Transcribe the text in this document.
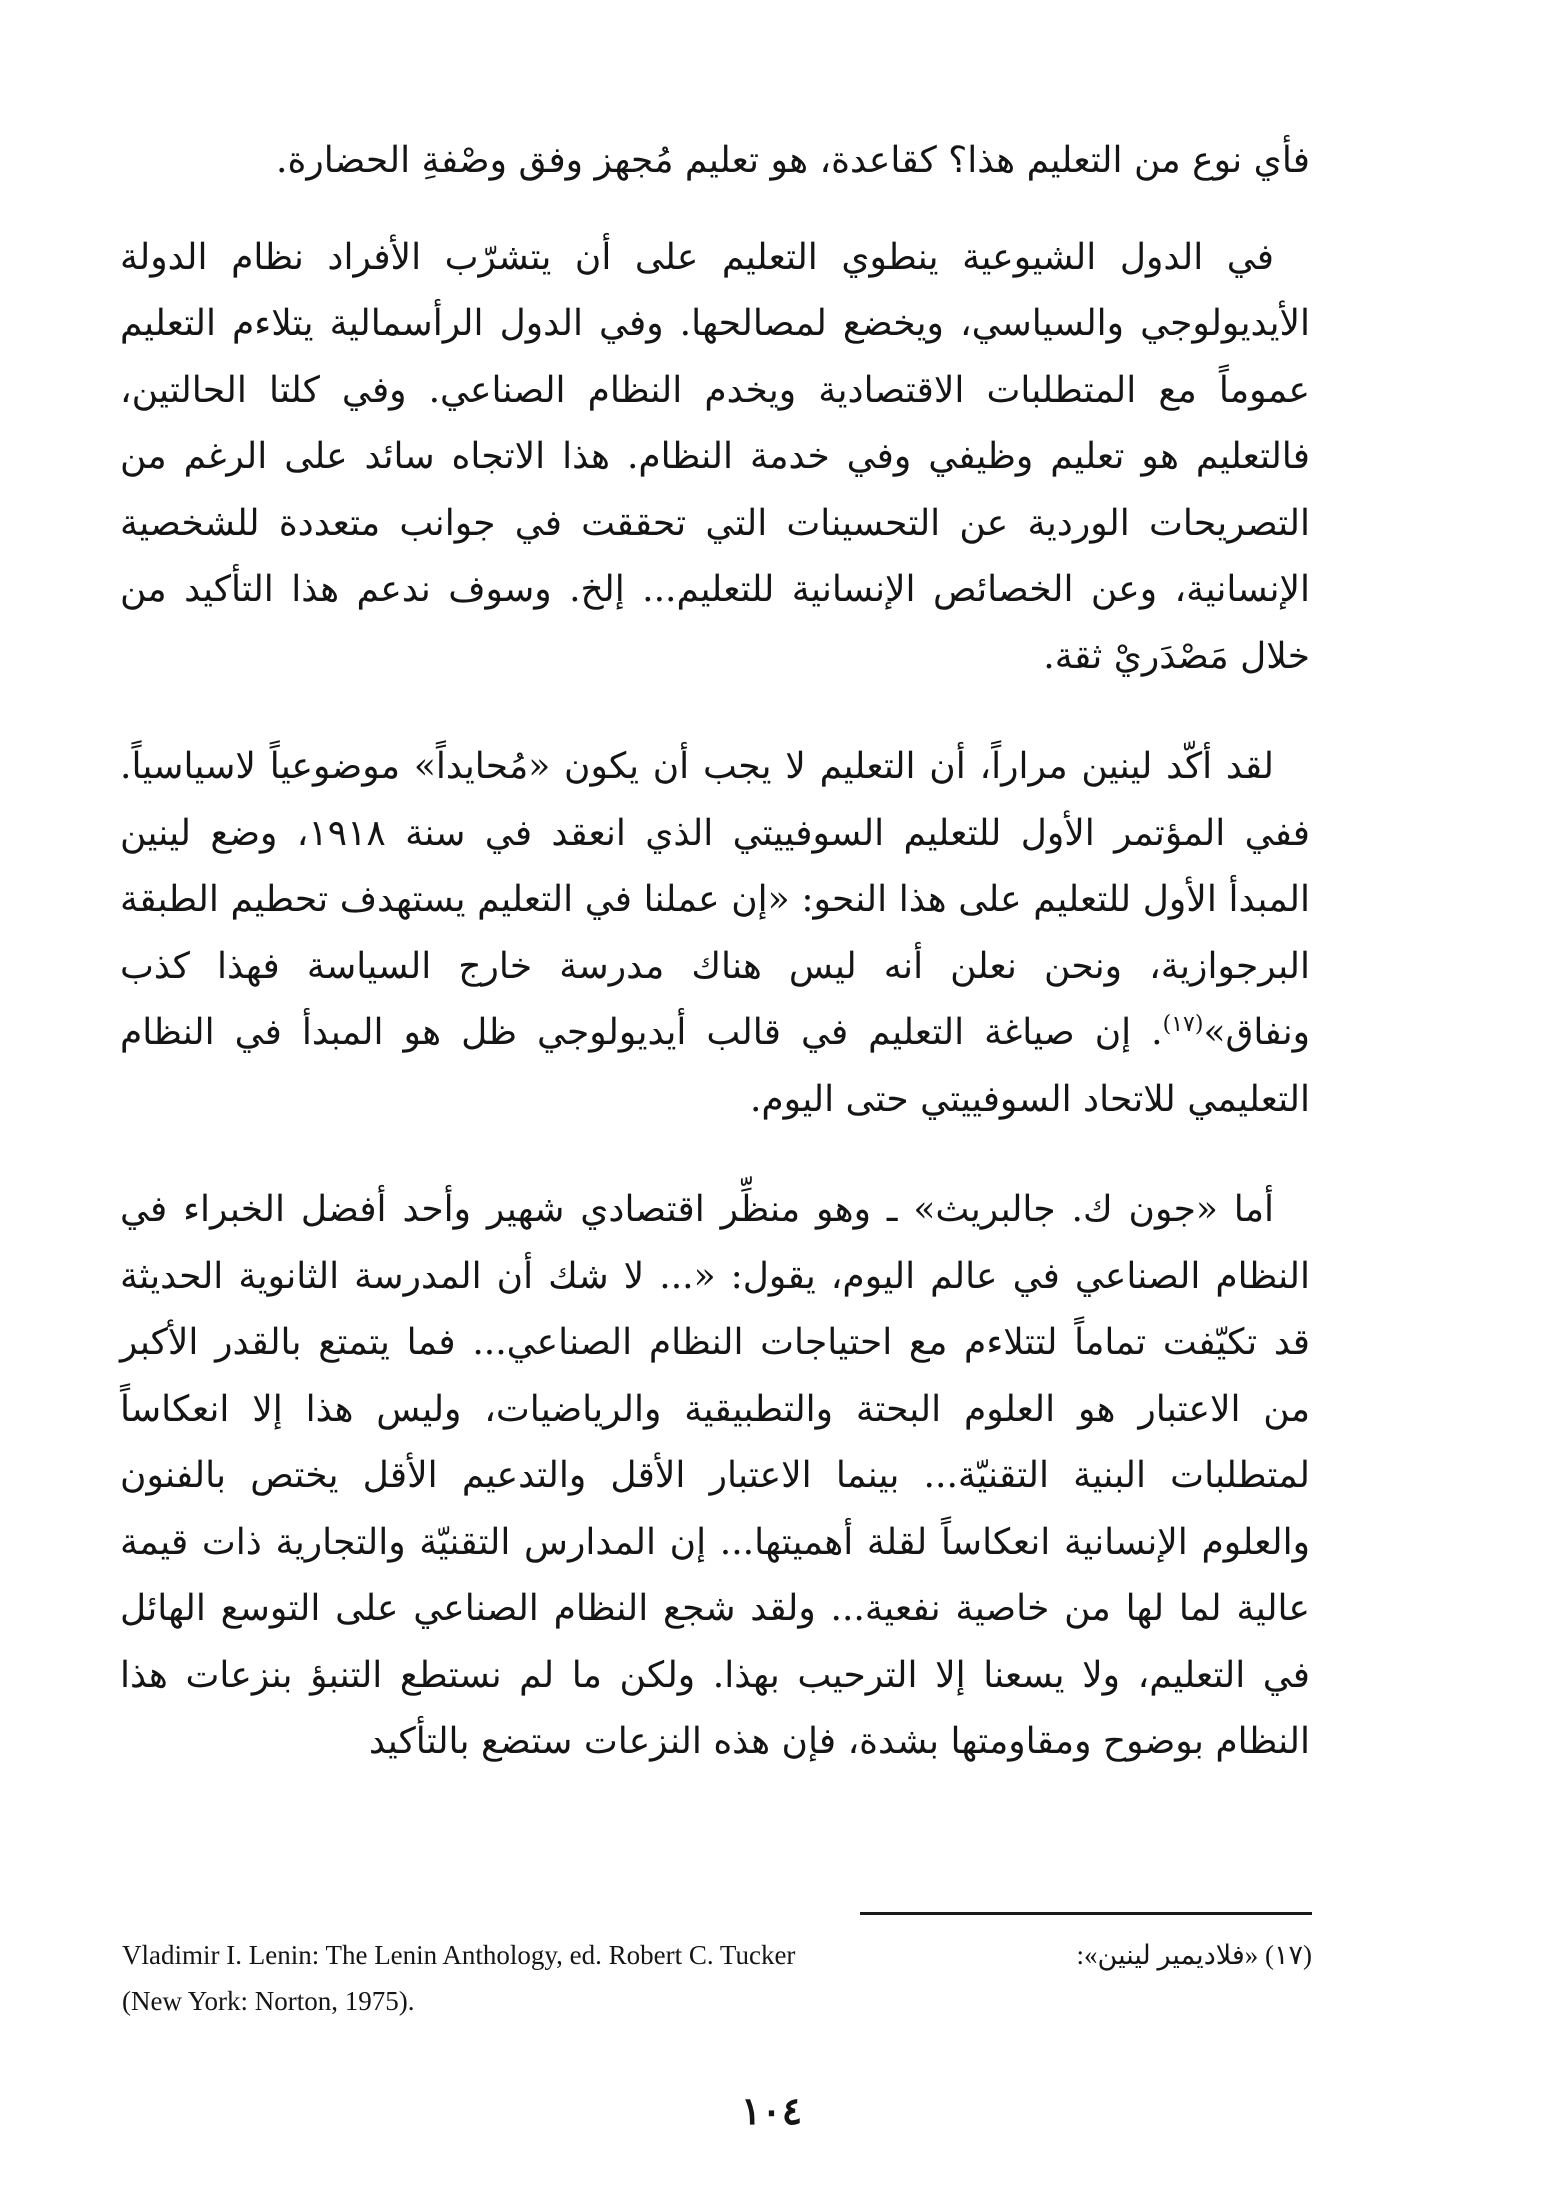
فأي نوع من التعليم هذا؟ كقاعدة، هو تعليم مُجهز وفق وصْفةِ الحضارة.

في الدول الشيوعية ينطوي التعليم على أن يتشرّب الأفراد نظام الدولة الأيديولوجي والسياسي، ويخضع لمصالحها. وفي الدول الرأسمالية يتلاءم التعليم عموماً مع المتطلبات الاقتصادية ويخدم النظام الصناعي. وفي كلتا الحالتين، فالتعليم هو تعليم وظيفي وفي خدمة النظام. هذا الاتجاه سائد على الرغم من التصريحات الوردية عن التحسينات التي تحققت في جوانب متعددة للشخصية الإنسانية، وعن الخصائص الإنسانية للتعليم... إلخ. وسوف ندعم هذا التأكيد من خلال مَصْدَريْ ثقة.

لقد أكّد لينين مراراً، أن التعليم لا يجب أن يكون «مُحايداً» موضوعياً لاسياسياً. ففي المؤتمر الأول للتعليم السوفييتي الذي انعقد في سنة ١٩١٨، وضع لينين المبدأ الأول للتعليم على هذا النحو: «إن عملنا في التعليم يستهدف تحطيم الطبقة البرجوازية، ونحن نعلن أنه ليس هناك مدرسة خارج السياسة فهذا كذب ونفاق»$^{(١٧)}$. إن صياغة التعليم في قالب أيديولوجي ظل هو المبدأ في النظام التعليمي للاتحاد السوفييتي حتى اليوم.

أما «جون ك. جالبريث» ـ وهو منظِّر اقتصادي شهير وأحد أفضل الخبراء في النظام الصناعي في عالم اليوم، يقول: «... لا شك أن المدرسة الثانوية الحديثة قد تكيّفت تماماً لتتلاءم مع احتياجات النظام الصناعي... فما يتمتع بالقدر الأكبر من الاعتبار هو العلوم البحتة والتطبيقية والرياضيات، وليس هذا إلا انعكاساً لمتطلبات البنية التقنيّة... بينما الاعتبار الأقل والتدعيم الأقل يختص بالفنون والعلوم الإنسانية انعكاساً لقلة أهميتها... إن المدارس التقنيّة والتجارية ذات قيمة عالية لما لها من خاصية نفعية... ولقد شجع النظام الصناعي على التوسع الهائل في التعليم، ولا يسعنا إلا الترحيب بهذا. ولكن ما لم نستطع التنبؤ بنزعات هذا النظام بوضوح ومقاومتها بشدة، فإن هذه النزعات ستضع بالتأكيد

Vladimir I. Lenin: The Lenin Anthology, ed. Robert C. Tucker	(١٧) «فلاديمير لينين»:
(New York: Norton, 1975).
١٠٤
